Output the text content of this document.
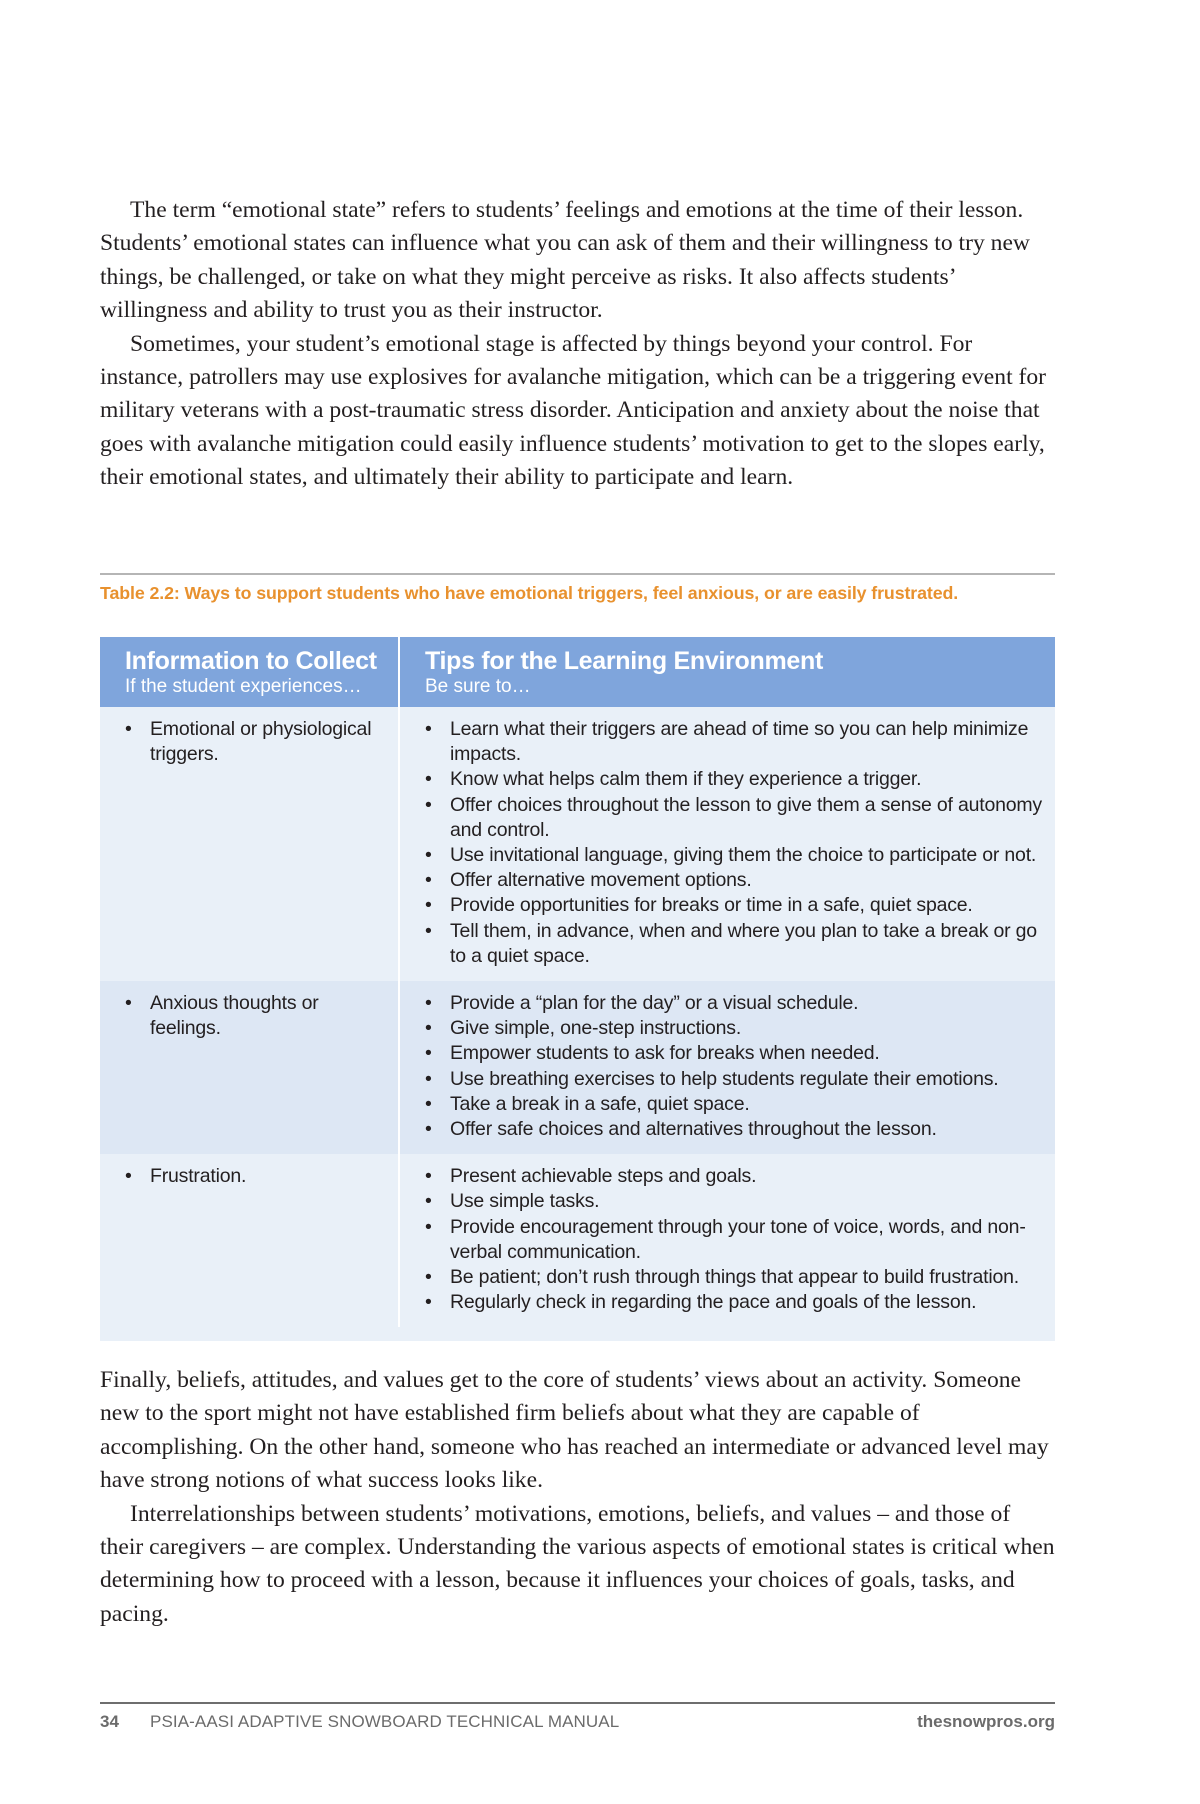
The term “emotional state” refers to students’ feelings and emotions at the time of their lesson. Students’ emotional states can influence what you can ask of them and their willingness to try new things, be challenged, or take on what they might perceive as risks. It also affects students’ willingness and ability to trust you as their instructor.

Sometimes, your student’s emotional stage is affected by things beyond your control. For instance, patrollers may use explosives for avalanche mitigation, which can be a triggering event for military veterans with a post-traumatic stress disorder. Anticipation and anxiety about the noise that goes with avalanche mitigation could easily influence students’ motivation to get to the slopes early, their emotional states, and ultimately their ability to participate and learn.

Table 2.2: Ways to support students who have emotional triggers, feel anxious, or are easily frustrated.
Information to Collect
If the student experiences…
Tips for the Learning Environment
Be sure to…
• Emotional or physiological triggers.
• Learn what their triggers are ahead of time so you can help minimize impacts.
• Know what helps calm them if they experience a trigger.
• Offer choices throughout the lesson to give them a sense of autonomy and control.
• Use invitational language, giving them the choice to participate or not.
• Offer alternative movement options.
• Provide opportunities for breaks or time in a safe, quiet space.
• Tell them, in advance, when and where you plan to take a break or go to a quiet space.
• Anxious thoughts or feelings.
• Provide a “plan for the day” or a visual schedule.
• Give simple, one-step instructions.
• Empower students to ask for breaks when needed.
• Use breathing exercises to help students regulate their emotions.
• Take a break in a safe, quiet space.
• Offer safe choices and alternatives throughout the lesson.
• Frustration.
•	Present achievable steps and goals.
• Use simple tasks.
• Provide encouragement through your tone of voice, words, and non-verbal communication.
• Be patient; don’t rush through things that appear to build frustration.
• Regularly check in regarding the pace and goals of the lesson.

Finally, beliefs, attitudes, and values get to the core of students’ views about an activity. Someone new to the sport might not have established firm beliefs about what they are capable of accomplishing. On the other hand, someone who has reached an intermediate or advanced level may have strong notions of what success looks like.

Interrelationships between students’ motivations, emotions, beliefs, and values – and those of their caregivers – are complex. Understanding the various aspects of emotional states is critical when determining how to proceed with a lesson, because it influences your choices of goals, tasks, and pacing.

34 PSIA-AASI ADAPTIVE SNOWBOARD TECHNICAL MANUAL	thesnowpros.org
